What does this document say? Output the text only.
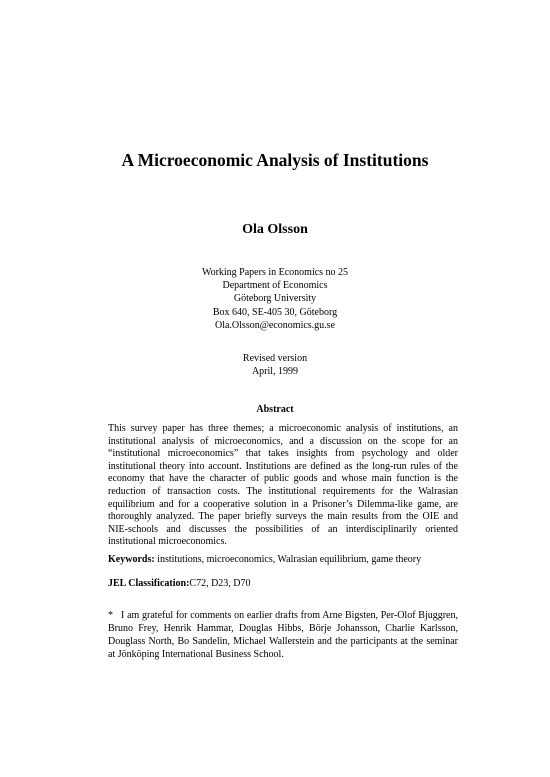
A Microeconomic Analysis of Institutions
Ola Olsson
Working Papers in Economics no 25
Department of Economics
Göteborg University
Box 640, SE-405 30, Göteborg
Ola.Olsson@economics.gu.se
Revised version
April, 1999
Abstract

This survey paper has three themes; a microeconomic analysis of institutions, an institutional analysis of microeconomics, and a discussion on the scope for an “institutional microeconomics” that takes insights from psychology and older institutional theory into account. Institutions are defined as the long-run rules of the economy that have the character of public goods and whose main function is the reduction of transaction costs. The institutional requirements for the Walrasian equilibrium and for a cooperative solution in a Prisoner’s Dilemma-like game, are thoroughly analyzed. The paper briefly surveys the main results from the OIE and NIE-schools and discusses the possibilities of an interdisciplinarily oriented institutional microeconomics.

Keywords: institutions, microeconomics, Walrasian equilibrium, game theory

JEL Classification:C72, D23, D70

* I am grateful for comments on earlier drafts from Arne Bigsten, Per-Olof Bjuggren, Bruno Frey, Henrik Hammar, Douglas Hibbs, Börje Johansson, Charlie Karlsson, Douglass North, Bo Sandelin, Michael Wallerstein and the participants at the seminar at Jönköping International Business School.
